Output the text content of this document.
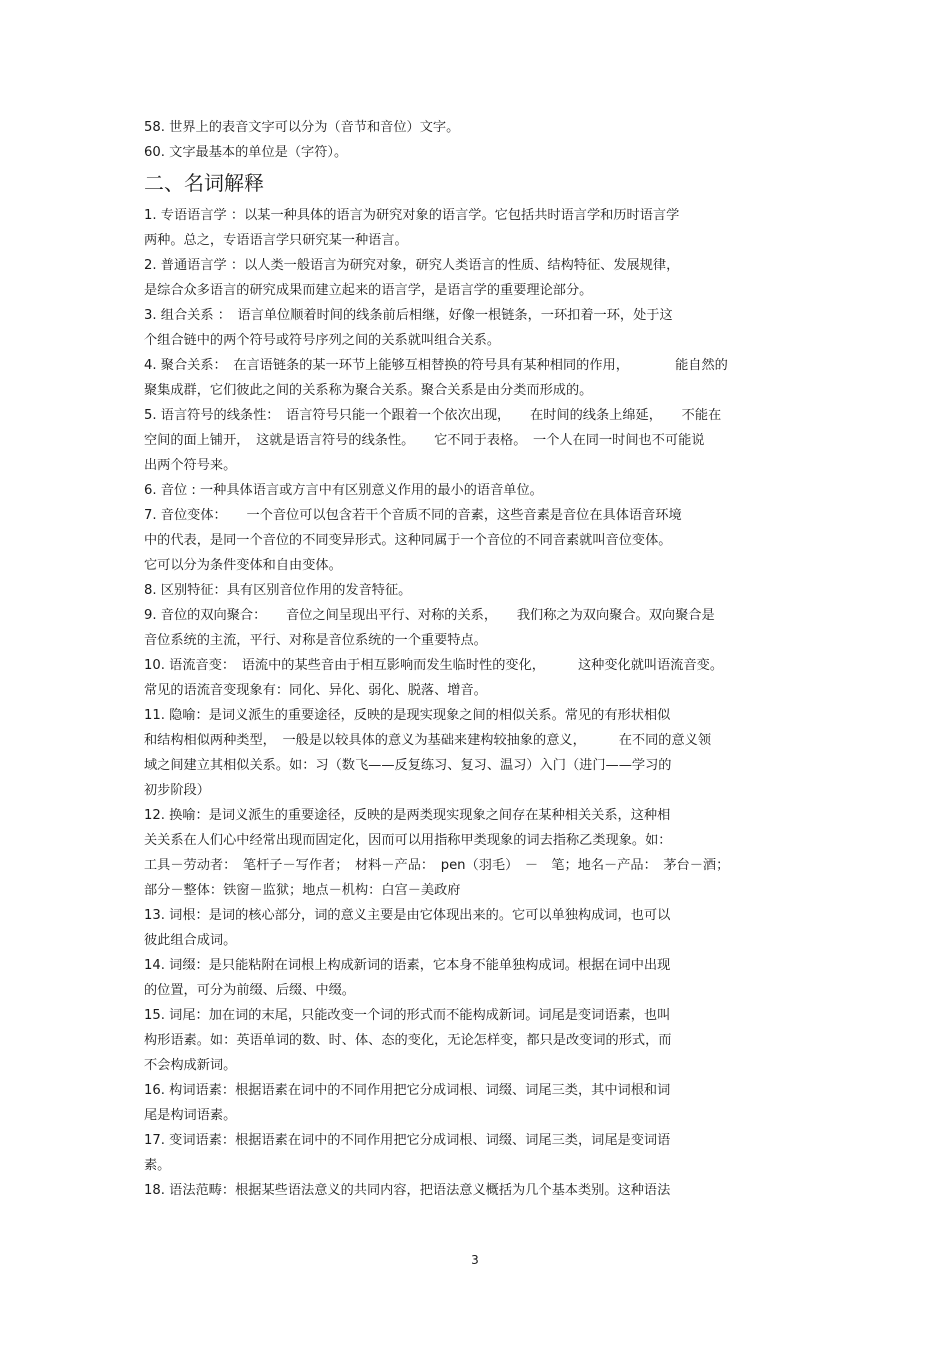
58. 世界上的表音文字可以分为（音节和音位）文字。
60. 文字最基本的单位是（字符）。
二、名词解释
1. 专语语言学 ：以某一种具体的语言为研究对象的语言学。它包括共时语言学和历时语言学
两种。总之，专语语言学只研究某一种语言。
2. 普通语言学 ：以人类一般语言为研究对象，研究人类语言的性质、结构特征、发展规律，
是综合众多语言的研究成果而建立起来的语言学，是语言学的重要理论部分。
3. 组合关系 ：　语言单位顺着时间的线条前后相继，好像一根链条，一环扣着一环，处于这
个组合链中的两个符号或符号序列之间的关系就叫组合关系。
4. 聚合关系：　在言语链条的某一环节上能够互相替换的符号具有某种相同的作用，　　　　能自然的
聚集成群，它们彼此之间的关系称为聚合关系。聚合关系是由分类而形成的。
5. 语言符号的线条性：　语言符号只能一个跟着一个依次出现，　　在时间的线条上绵延，　　不能在
空间的面上铺开，　这就是语言符号的线条性。　　它不同于表格。　一个人在同一时间也不可能说
出两个符号来。
6. 音位 : 一种具体语言或方言中有区别意义作用的最小的语音单位。
7. 音位变体：　　一个音位可以包含若干个音质不同的音素，这些音素是音位在具体语音环境
中的代表，是同一个音位的不同变异形式。这种同属于一个音位的不同音素就叫音位变体。
它可以分为条件变体和自由变体。
8. 区别特征：具有区别音位作用的发音特征。
9. 音位的双向聚合：　　音位之间呈现出平行、对称的关系，　　我们称之为双向聚合。双向聚合是
音位系统的主流，平行、对称是音位系统的一个重要特点。
10. 语流音变：　语流中的某些音由于相互影响而发生临时性的变化，　　　这种变化就叫语流音变。
常见的语流音变现象有：同化、异化、弱化、脱落、增音。
11. 隐喻：是词义派生的重要途径，反映的是现实现象之间的相似关系。常见的有形状相似
和结构相似两种类型，　一般是以较具体的意义为基础来建构较抽象的意义，　　　在不同的意义领
域之间建立其相似关系。如：习（数飞——反复练习、复习、温习）入门（进门——学习的
初步阶段）
12. 换喻：是词义派生的重要途径，反映的是两类现实现象之间存在某种相关关系，这种相
关关系在人们心中经常出现而固定化，因而可以用指称甲类现象的词去指称乙类现象。如：
工具－劳动者：　笔杆子－写作者；　材料－产品：　pen（羽毛）　－　笔；地名－产品：　茅台－酒；
部分－整体：铁窗－监狱；地点－机构：白宫－美政府
13. 词根：是词的核心部分，词的意义主要是由它体现出来的。它可以单独构成词，也可以
彼此组合成词。
14. 词缀：是只能粘附在词根上构成新词的语素，它本身不能单独构成词。根据在词中出现
的位置，可分为前缀、后缀、中缀。
15. 词尾：加在词的末尾，只能改变一个词的形式而不能构成新词。词尾是变词语素，也叫
构形语素。如：英语单词的数、时、体、态的变化，无论怎样变，都只是改变词的形式，而
不会构成新词。
16. 构词语素：根据语素在词中的不同作用把它分成词根、词缀、词尾三类，其中词根和词
尾是构词语素。
17. 变词语素：根据语素在词中的不同作用把它分成词根、词缀、词尾三类，词尾是变词语
素。
18. 语法范畴：根据某些语法意义的共同内容，把语法意义概括为几个基本类别。这种语法
3
